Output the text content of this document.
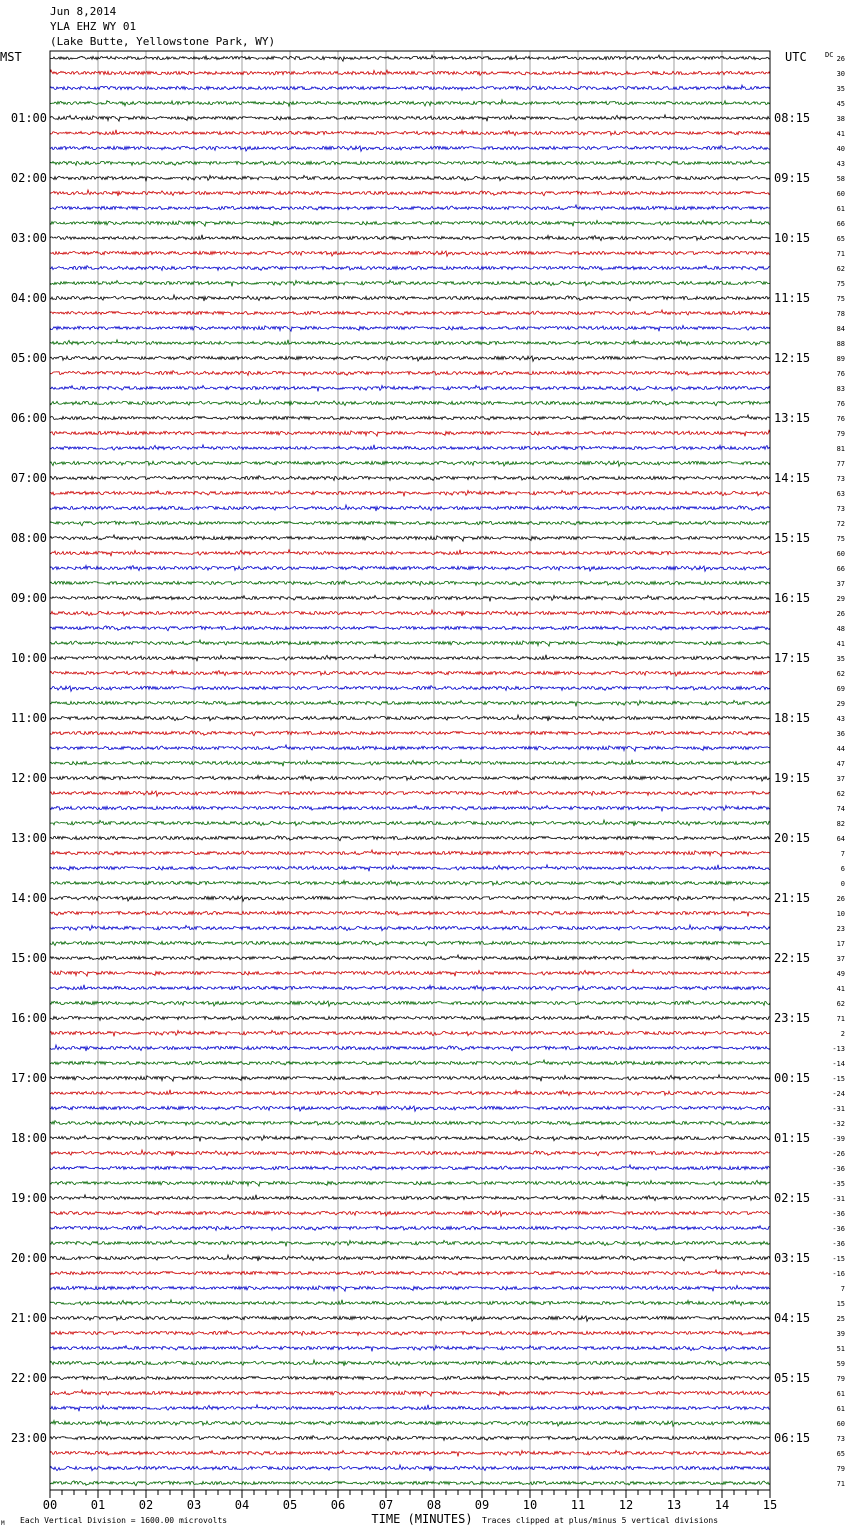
Jun 8,2014
YLA EHZ WY 01
(Lake Butte, Yellowstone Park, WY)
00	01	02	03	04	05	06	07	08	09	10	11	12	13	14	15
MST	UTC	DC
01:00
02:00
03:00
04:00
05:00
06:00
07:00
08:00
09:00
10:00
11:00
12:00
13:00
14:00
15:00
16:00
17:00
18:00
19:00
20:00
21:00
22:00
23:00
08:15
09:15
10:15
11:15
12:15
13:15
14:15
15:15
16:15
17:15
18:15
19:15
20:15
21:15
22:15
23:15
00:15
01:15
02:15
03:15
04:15
05:15
06:15
26
30
35
45
38
41
40
43
58
60
61
66
65
71
62
75
75
78
84
88
89
76
83
76
76
79
81
77
73
63
73
72
75
60
66
37
29
26
48
41
35
62
69
29
43
36
44
47
37
62
74
82
64
7
6
0
26
10
23
17
37
49
41
62
71
2
-13
-14
-15
-24
-31
-32
-39
-26
-36
-35
-31
-36
-36
-36
-15
-16
7
15
25
39
51
59
79
61
61
60
73
65
79
71
M Each Vertical Division = 1600.00 microvolts	TIME (MINUTES) Traces clipped at plus/minus 5 vertical divisions
